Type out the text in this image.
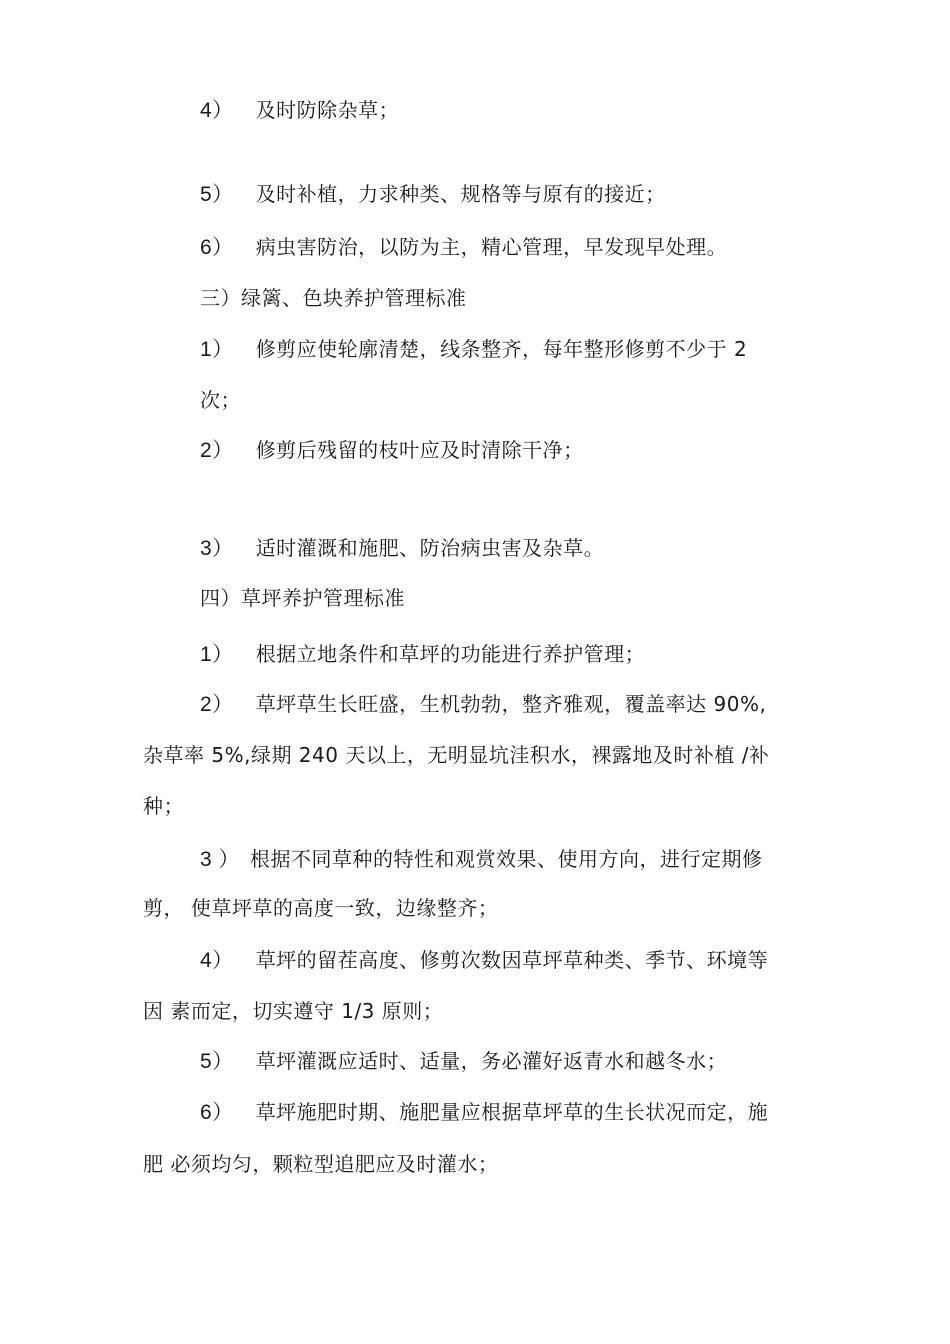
4） 及时防除杂草；
5） 及时补植，力求种类、规格等与原有的接近；
6） 病虫害防治，以防为主，精心管理，早发现早处理。
三）绿篱、色块养护管理标准
1） 修剪应使轮廓清楚，线条整齐，每年整形修剪不少于 2
次；
2） 修剪后残留的枝叶应及时清除干净；
3） 适时灌溉和施肥、防治病虫害及杂草。
四）草坪养护管理标准
1） 根据立地条件和草坪的功能进行养护管理；
2） 草坪草生长旺盛，生机勃勃，整齐雅观，覆盖率达 90%,
杂草率 5%,绿期 240 天以上，无明显坑洼积水，裸露地及时补植 /补
种；
3 ） 根据不同草种的特性和观赏效果、使用方向，进行定期修
剪， 使草坪草的高度一致，边缘整齐；
4） 草坪的留茬高度、修剪次数因草坪草种类、季节、环境等
因 素而定，切实遵守 1/3 原则；
5） 草坪灌溉应适时、适量，务必灌好返青水和越冬水；
6） 草坪施肥时期、施肥量应根据草坪草的生长状况而定，施
肥 必须均匀，颗粒型追肥应及时灌水；
